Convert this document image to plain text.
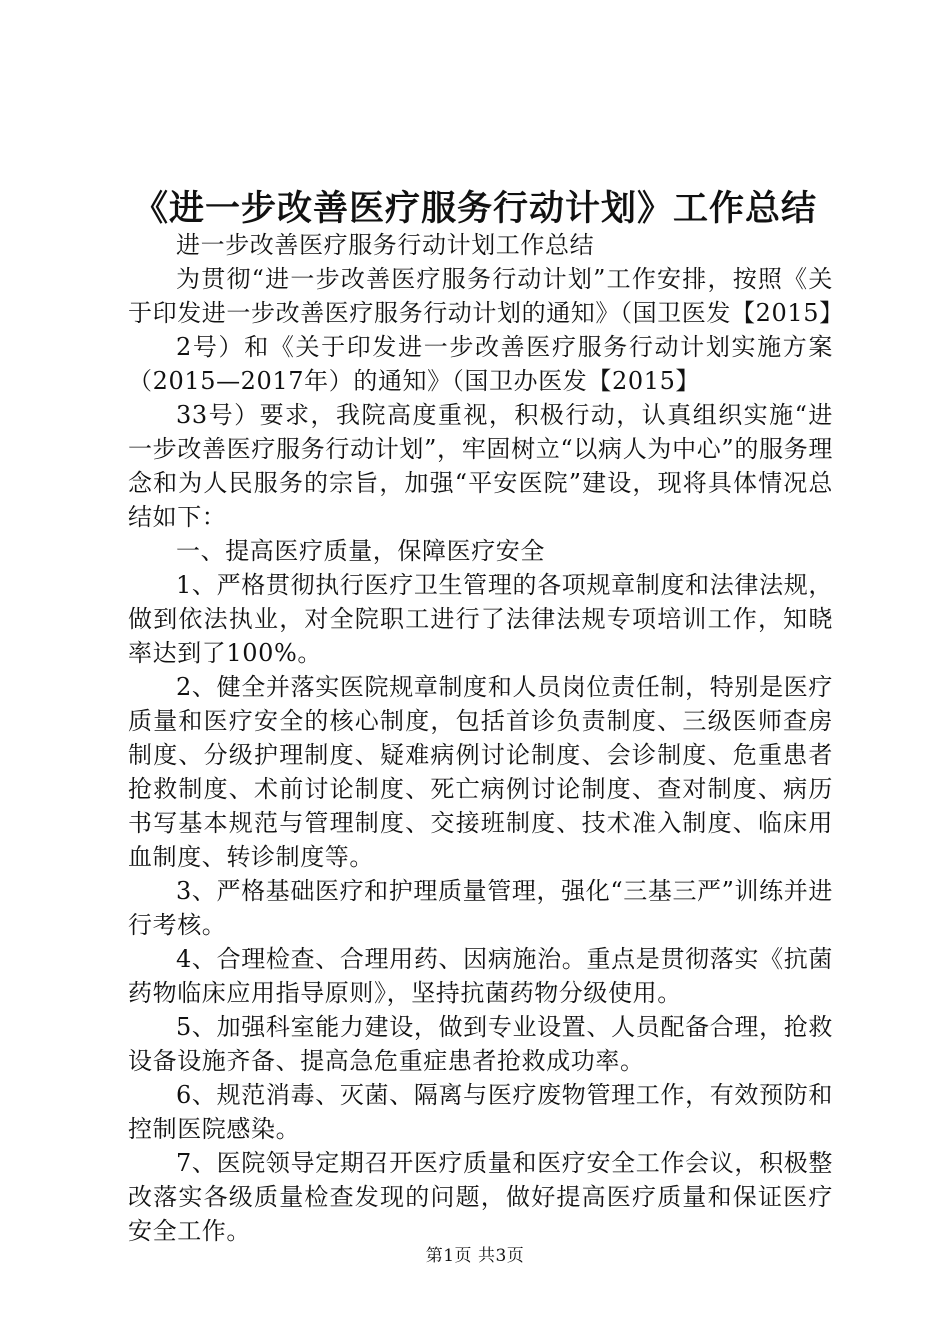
《进一步改善医疗服务行动计划》工作总结

进一步改善医疗服务行动计划工作总结

为贯彻“进一步改善医疗服务行动计划”工作安排，按照《关于印发进一步改善医疗服务行动计划的通知》（国卫医发【2015】

2号）和《关于印发进一步改善医疗服务行动计划实施方案（2015—2017年）的通知》（国卫办医发【2015】

33号）要求，我院高度重视，积极行动，认真组织实施“进一步改善医疗服务行动计划”，牢固树立“以病人为中心”的服务理念和为人民服务的宗旨，加强“平安医院”建设，现将具体情况总结如下：

一、提高医疗质量，保障医疗安全

1、严格贯彻执行医疗卫生管理的各项规章制度和法律法规，做到依法执业，对全院职工进行了法律法规专项培训工作，知晓率达到了100%。

2、健全并落实医院规章制度和人员岗位责任制，特别是医疗质量和医疗安全的核心制度，包括首诊负责制度、三级医师查房制度、分级护理制度、疑难病例讨论制度、会诊制度、危重患者抢救制度、术前讨论制度、死亡病例讨论制度、查对制度、病历书写基本规范与管理制度、交接班制度、技术准入制度、临床用血制度、转诊制度等。

3、严格基础医疗和护理质量管理，强化“三基三严”训练并进行考核。

4、合理检查、合理用药、因病施治。重点是贯彻落实《抗菌药物临床应用指导原则》，坚持抗菌药物分级使用。

5、加强科室能力建设，做到专业设置、人员配备合理，抢救设备设施齐备、提高急危重症患者抢救成功率。

6、规范消毒、灭菌、隔离与医疗废物管理工作，有效预防和控制医院感染。

7、医院领导定期召开医疗质量和医疗安全工作会议，积极整改落实各级质量检查发现的问题，做好提高医疗质量和保证医疗安全工作。

第1页 共3页
